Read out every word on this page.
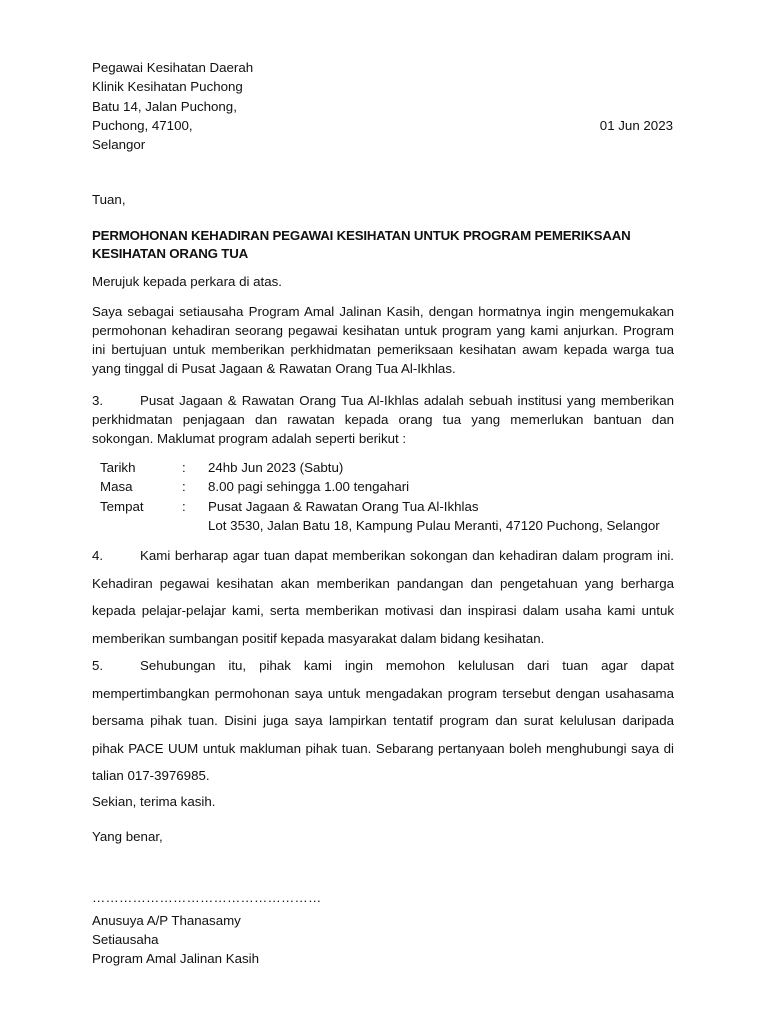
Pegawai Kesihatan Daerah
Klinik Kesihatan Puchong
Batu 14, Jalan Puchong,
Puchong, 47100,
Selangor
01 Jun 2023
Tuan,
PERMOHONAN KEHADIRAN PEGAWAI KESIHATAN UNTUK PROGRAM PEMERIKSAAN KESIHATAN ORANG TUA
Merujuk kepada perkara di atas.
Saya sebagai setiausaha Program Amal Jalinan Kasih, dengan hormatnya ingin mengemukakan permohonan kehadiran seorang pegawai kesihatan untuk program yang kami anjurkan. Program ini bertujuan untuk memberikan perkhidmatan pemeriksaan kesihatan awam kepada warga tua yang tinggal di Pusat Jagaan & Rawatan Orang Tua Al-Ikhlas.
3.	Pusat Jagaan & Rawatan Orang Tua Al-Ikhlas adalah sebuah institusi yang memberikan perkhidmatan penjagaan dan rawatan kepada orang tua yang memerlukan bantuan dan sokongan. Maklumat program adalah seperti berikut :
Tarikh	:	24hb Jun 2023 (Sabtu)
Masa	:	8.00 pagi sehingga 1.00 tengahari
Tempat	:	Pusat Jagaan & Rawatan Orang Tua Al-Ikhlas
Lot 3530, Jalan Batu 18, Kampung Pulau Meranti, 47120 Puchong, Selangor
4.	Kami berharap agar tuan dapat memberikan sokongan dan kehadiran dalam program ini. Kehadiran pegawai kesihatan akan memberikan pandangan dan pengetahuan yang berharga kepada pelajar-pelajar kami, serta memberikan motivasi dan inspirasi dalam usaha kami untuk memberikan sumbangan positif kepada masyarakat dalam bidang kesihatan.
5.	Sehubungan itu, pihak kami ingin memohon kelulusan dari tuan agar dapat mempertimbangkan permohonan saya untuk mengadakan program tersebut dengan usahasama bersama pihak tuan. Disini juga saya lampirkan tentatif program dan surat kelulusan daripada pihak PACE UUM untuk makluman pihak tuan. Sebarang pertanyaan boleh menghubungi saya di talian 017-3976985.
Sekian, terima kasih.
Yang benar,
……………………………………………
Anusuya A/P Thanasamy
Setiausaha
Program Amal Jalinan Kasih
